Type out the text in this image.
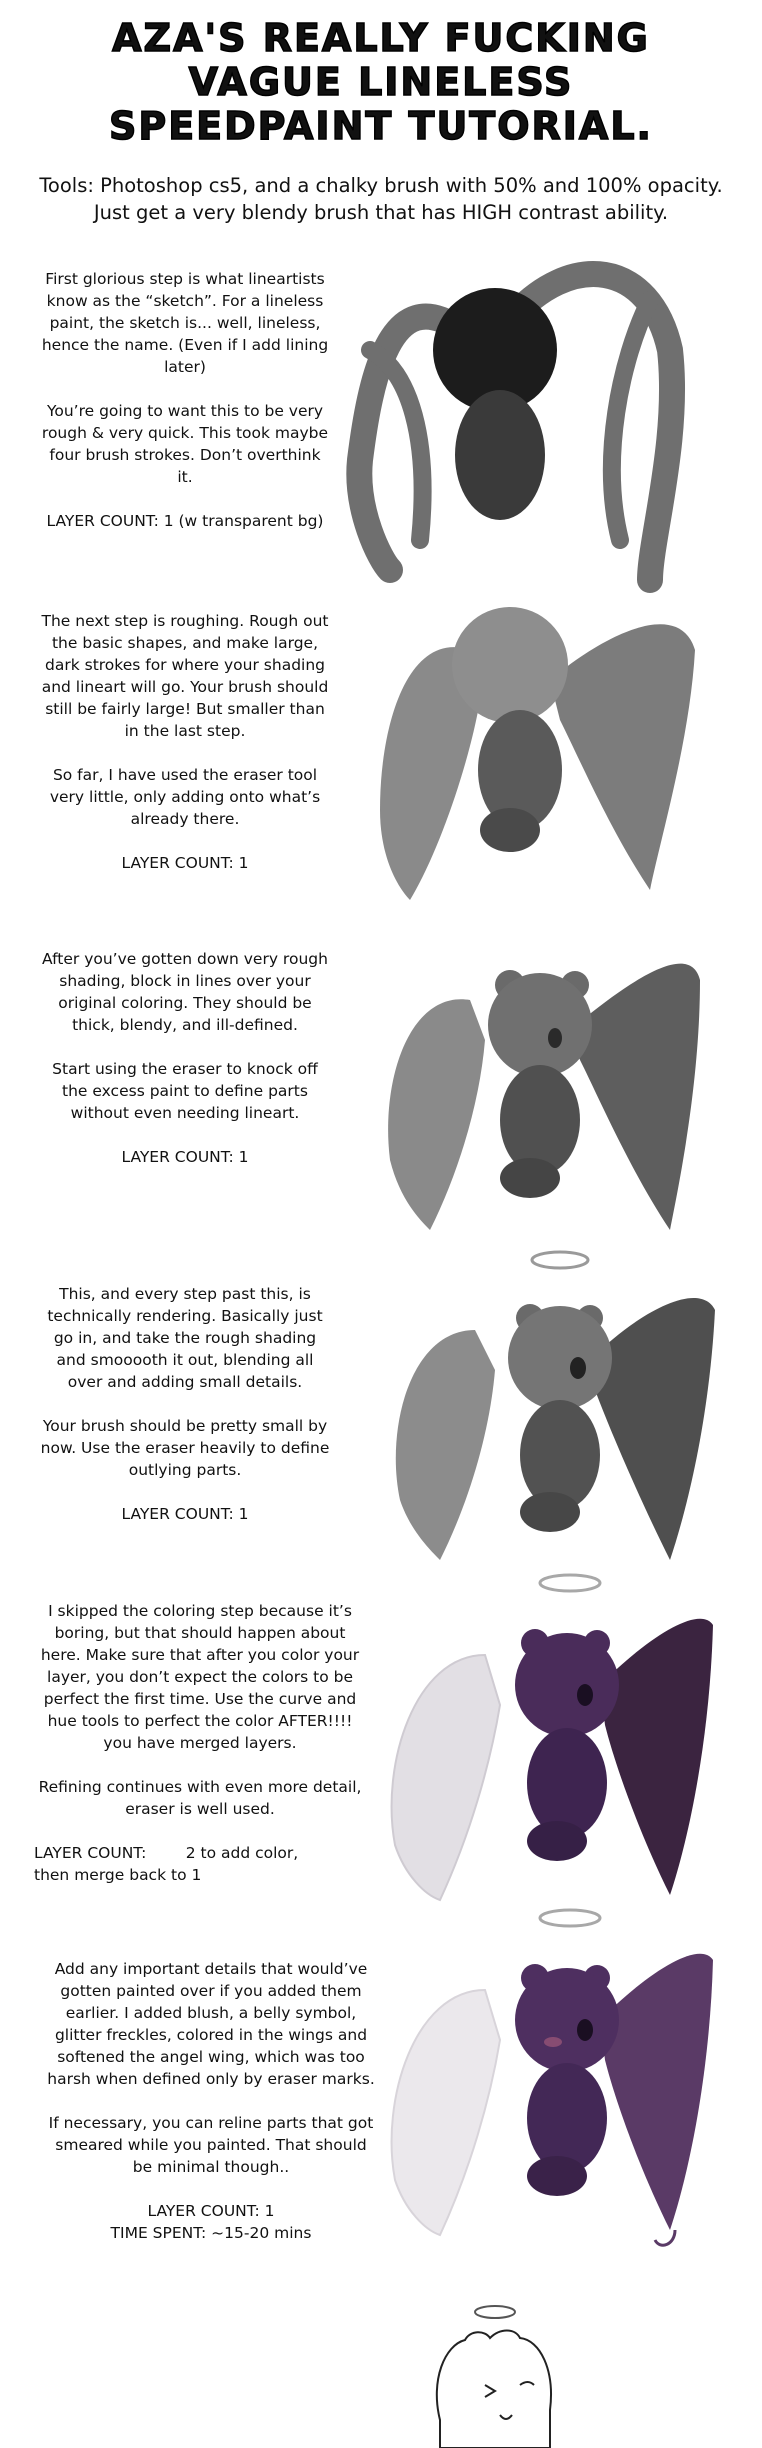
AZA'S REALLY FUCKING
VAGUE LINELESS
SPEEDPAINT TUTORIAL.
Tools: Photoshop cs5, and a chalky brush with 50% and 100% opacity.
Just get a very blendy brush that has HIGH contrast ability.

First glorious step is what lineartists know as the “sketch”. For a lineless paint, the sketch is... well, lineless, hence the name. (Even if I add lining later)

You’re going to want this to be very rough & very quick. This took maybe four brush strokes. Don’t overthink it.

LAYER COUNT: 1 (w transparent bg)

The next step is roughing. Rough out the basic shapes, and make large, dark strokes for where your shading and lineart will go. Your brush should still be fairly large! But smaller than in the last step.

So far, I have used the eraser tool very little, only adding onto what’s already there.

LAYER COUNT: 1

After you’ve gotten down very rough shading, block in lines over your original coloring. They should be thick, blendy, and ill-defined.

Start using the eraser to knock off the excess paint to define parts without even needing lineart.

LAYER COUNT: 1

This, and every step past this, is technically rendering. Basically just go in, and take the rough shading and smooooth it out, blending all over and adding small details.

Your brush should be pretty small by now. Use the eraser heavily to define outlying parts.

LAYER COUNT: 1

I skipped the coloring step because it’s boring, but that should happen about here. Make sure that after you color your layer, you don’t expect the colors to be perfect the first time. Use the curve and hue tools to perfect the color AFTER!!!! you have merged layers.

Refining continues with even more detail, eraser is well used.

LAYER COUNT:        2 to add color,
then merge back to 1

Add any important details that would’ve gotten painted over if you added them earlier. I added blush, a belly symbol, glitter freckles, colored in the wings and softened the angel wing, which was too harsh when defined only by eraser marks.

If necessary, you can reline parts that got smeared while you painted. That should be minimal though..

LAYER COUNT: 1
TIME SPENT: ~15-20 mins
